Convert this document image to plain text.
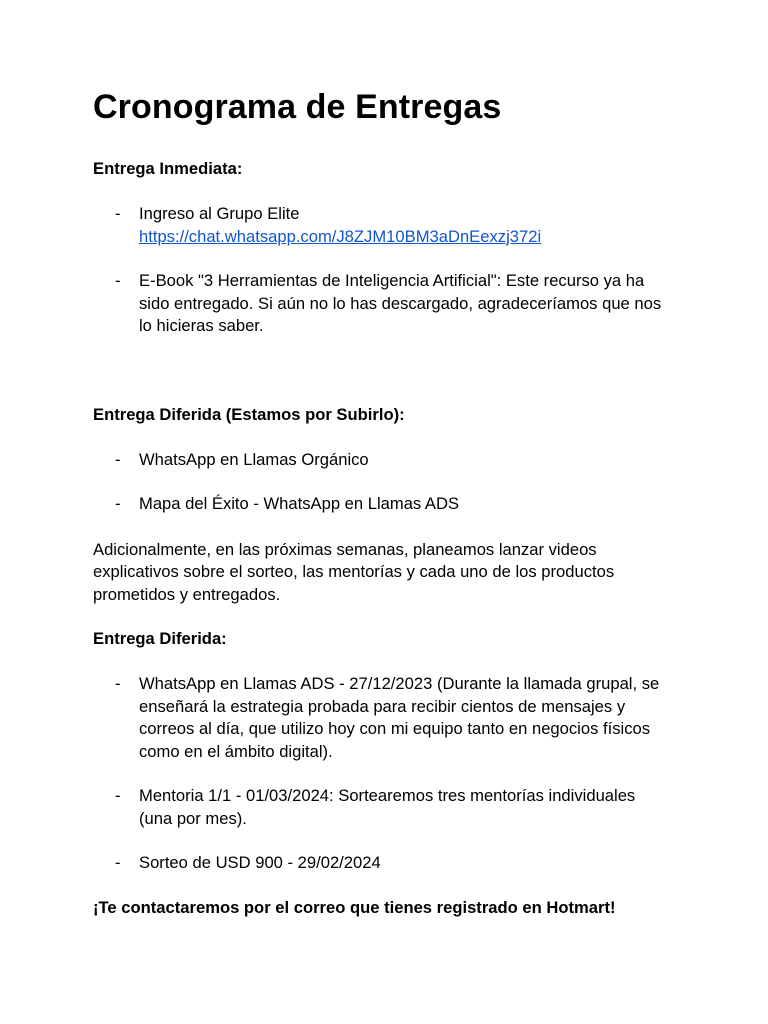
Cronograma de Entregas
Entrega Inmediata:
- Ingreso al Grupo Elite
https://chat.whatsapp.com/J8ZJM10BM3aDnEexzj372i
- E-Book "3 Herramientas de Inteligencia Artificial": Este recurso ya ha sido entregado. Si aún no lo has descargado, agradeceríamos que nos lo hicieras saber.
Entrega Diferida (Estamos por Subirlo):
- WhatsApp en Llamas Orgánico
- Mapa del Éxito - WhatsApp en Llamas ADS

Adicionalmente, en las próximas semanas, planeamos lanzar videos explicativos sobre el sorteo, las mentorías y cada uno de los productos prometidos y entregados.

Entrega Diferida:
- WhatsApp en Llamas ADS - 27/12/2023 (Durante la llamada grupal, se enseñará la estrategia probada para recibir cientos de mensajes y correos al día, que utilizo hoy con mi equipo tanto en negocios físicos como en el ámbito digital).
- Mentoria 1/1 - 01/03/2024: Sortearemos tres mentorías individuales (una por mes).
- Sorteo de USD 900 - 29/02/2024

¡Te contactaremos por el correo que tienes registrado en Hotmart!
